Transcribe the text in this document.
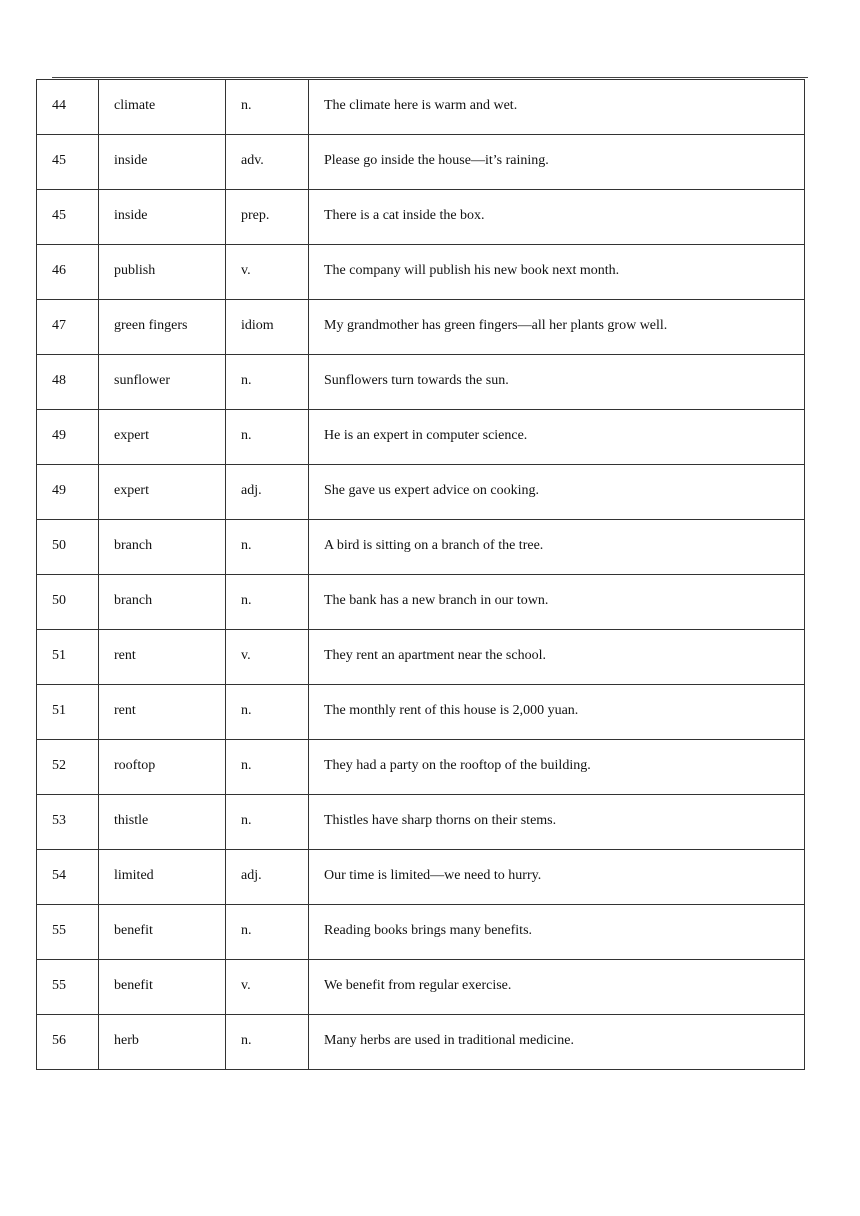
44	climate	n.	The climate here is warm and wet.
45	inside	adv.	Please go inside the house—it’s raining.
45	inside	prep.	There is a cat inside the box.
46	publish	v.	The company will publish his new book next month.
47	green fingers	idiom	My grandmother has green fingers—all her plants grow well.
48	sunflower	n.	Sunflowers turn towards the sun.
49	expert	n.	He is an expert in computer science.
49	expert	adj.	She gave us expert advice on cooking.
50	branch	n.	A bird is sitting on a branch of the tree.
50	branch	n.	The bank has a new branch in our town.
51	rent	v.	They rent an apartment near the school.
51	rent	n.	The monthly rent of this house is 2,000 yuan.
52	rooftop	n.	They had a party on the rooftop of the building.
53	thistle	n.	Thistles have sharp thorns on their stems.
54	limited	adj.	Our time is limited—we need to hurry.
55	benefit	n.	Reading books brings many benefits.
55	benefit	v.	We benefit from regular exercise.
56	herb	n.	Many herbs are used in traditional medicine.
